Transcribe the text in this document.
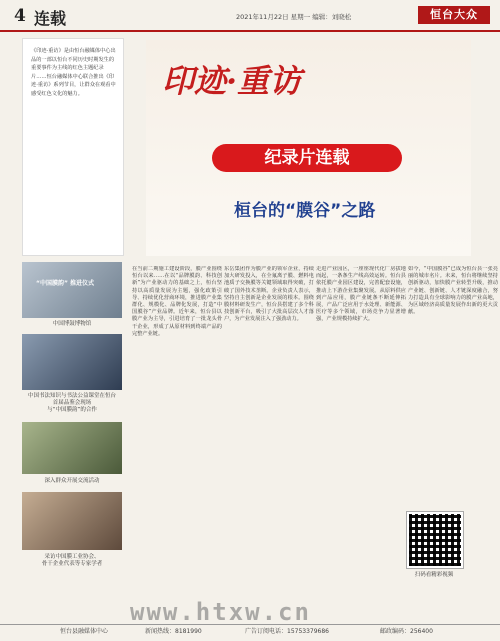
4 连载	2021年11月22日 星期一 编辑：刘晓松	恒台大众
《印迹·重访》是由恒台融媒体中心出品的一部以恒台不同历史时期发生的重要事件为主线的红色主题纪录片……恒台融媒体中心联合推出《印迹·重访》系列节目，让群众在观看中感受红色文化的魅力。
“中国膜韵” 推进仪式
中国博鼓博物馆
中国书法知识与书法公益课堂在恒台
首届品鉴会现场
与“中国膜韵”的合作
深入群众开展交流活动
采访中国膜工业协会、
骨干企业代表等专家学者
印迹·重访
纪录片连载
桓台的“膜谷”之路
在当前二期施工建设阶段，膜产业围绕恒台以来……在以“品牌膜韵、科技创新”为产业驱动力的基础之上，桓台坚持以高质量发展为主题，强化政策引导、持续优化营商环境，推进膜产业集群化、规模化、品牌化发展，打造“中国膜谷”产业品牌。近年来，恒台县以膜产业为主导，引进培育了一批龙头骨干企业，形成了从原材料到终端产品的完整产业链。
东岳集团作为膜产业的领军企业，持续加大研发投入，在全氟离子膜、燃料电池质子交换膜等关键领域取得突破，打破了国外技术垄断。企业负责人表示，坚持自主创新是企业发展的根本。围绕膜材料研发生产，恒台县搭建了多个科技创新平台，吸引了大批高层次人才落户，为产业发展注入了强劲动力。
走进产业园区，一座座现代化厂房拔地而起，一条条生产线高效运转。恒台县依托膜产业园区建设，完善配套设施，推动上下游企业集聚发展。从原料供应到产品应用，膜产业链条不断延伸拓展，产品广泛应用于水处理、新能源、医疗等多个领域，市场竞争力显著增强，产业规模持续扩大。
如今，“中国膜谷”已成为恒台县一张亮丽的城市名片。未来，恒台将继续坚持创新驱动，加快膜产业转型升级，推动产业链、创新链、人才链深度融合，努力打造具有全球影响力的膜产业高地，为区域经济高质量发展作出新的更大贡献。
扫码看精彩视频
www.htxw.cn
恒台县融媒体中心	新闻热线：8181990	广告订阅电话：15753379686	邮政编码：256400
